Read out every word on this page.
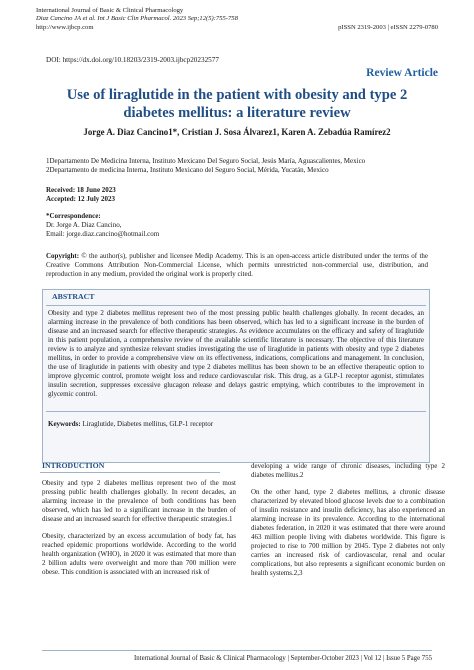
International Journal of Basic & Clinical Pharmacology
Diaz Cancino JA et al. Int J Basic Clin Pharmacol. 2023 Sep;12(5):755-758
http://www.ijbcp.com	pISSN 2319-2003 | eISSN 2279-0780
DOI: https://dx.doi.org/10.18203/2319-2003.ijbcp20232577
Review Article
Use of liraglutide in the patient with obesity and type 2 diabetes mellitus: a literature review
Jorge A. Diaz Cancino1*, Cristian J. Sosa Álvarez1, Karen A. Zebadúa Ramírez2
1Departamento De Medicina Interna, Instituto Mexicano Del Seguro Social, Jesús María, Aguascalientes, Mexico
2Departamento de medicina Interna, Instituto Mexicano del Seguro Social, Mérida, Yucatán, Mexico
Received: 18 June 2023
Accepted: 12 July 2023
*Correspondence:
Dr. Jorge A. Diaz Cancino,
Email: jorge.diaz.cancino@hotmail.com
Copyright: © the author(s), publisher and licensee Medip Academy. This is an open-access article distributed under the terms of the Creative Commons Attribution Non-Commercial License, which permits unrestricted non-commercial use, distribution, and reproduction in any medium, provided the original work is properly cited.
ABSTRACT
Obesity and type 2 diabetes mellitus represent two of the most pressing public health challenges globally. In recent decades, an alarming increase in the prevalence of both conditions has been observed, which has led to a significant increase in the burden of disease and an increased search for effective therapeutic strategies. As evidence accumulates on the efficacy and safety of liraglutide in this patient population, a comprehensive review of the available scientific literature is necessary. The objective of this literature review is to analyze and synthesize relevant studies investigating the use of liraglutide in patients with obesity and type 2 diabetes mellitus, in order to provide a comprehensive view on its effectiveness, indications, complications and management. In conclusion, the use of liraglutide in patients with obesity and type 2 diabetes mellitus has been shown to be an effective therapeutic option to improve glycemic control, promote weight loss and reduce cardiovascular risk. This drug, as a GLP-1 receptor agonist, stimulates insulin secretion, suppresses excessive glucagon release and delays gastric emptying, which contributes to the improvement in glycemic control.
Keywords: Liraglutide, Diabetes mellitus, GLP-1 receptor
INTRODUCTION

Obesity and type 2 diabetes mellitus represent two of the most pressing public health challenges globally. In recent decades, an alarming increase in the prevalence of both conditions has been observed, which has led to a significant increase in the burden of disease and an increased search for effective therapeutic strategies.1

Obesity, characterized by an excess accumulation of body fat, has reached epidemic proportions worldwide. According to the world health organization (WHO), in 2020 it was estimated that more than 2 billion adults were overweight and more than 700 million were obese. This condition is associated with an increased risk of

developing a wide range of chronic diseases, including type 2 diabetes mellitus.2

On the other hand, type 2 diabetes mellitus, a chronic disease characterized by elevated blood glucose levels due to a combination of insulin resistance and insulin deficiency, has also experienced an alarming increase in its prevalence. According to the international diabetes federation, in 2020 it was estimated that there were around 463 million people living with diabetes worldwide. This figure is projected to rise to 700 million by 2045. Type 2 diabetes not only carries an increased risk of cardiovascular, renal and ocular complications, but also represents a significant economic burden on health systems.2,3

International Journal of Basic & Clinical Pharmacology | September-October 2023 | Vol 12 | Issue 5 Page 755
